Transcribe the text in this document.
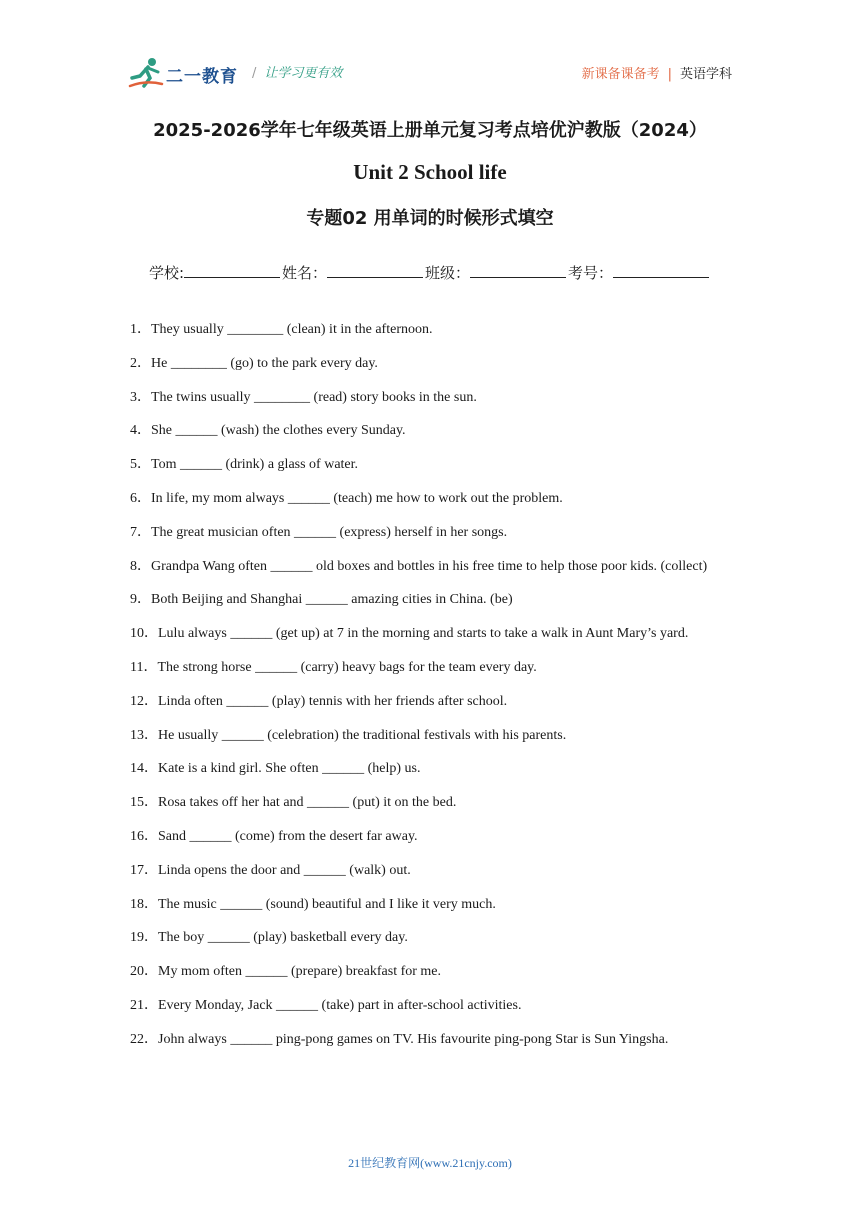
二一教育 / 让学习更有效	新课备课备考 | 英语学科
2025-2026学年七年级英语上册单元复习考点培优沪教版（2024）
Unit 2 School life
专题02 用单词的时候形式填空
学校:	姓名：	班级：	考号：
1．They usually ________ (clean) it in the afternoon.
2．He ________ (go) to the park every day.
3．The twins usually ________ (read) story books in the sun.
4．She ______ (wash) the clothes every Sunday.
5．Tom ______ (drink) a glass of water.
6．In life, my mom always ______ (teach) me how to work out the problem.
7．The great musician often ______ (express) herself in her songs.
8．Grandpa Wang often ______ old boxes and bottles in his free time to help those poor kids. (collect)
9．Both Beijing and Shanghai ______ amazing cities in China. (be)
10．Lulu always ______ (get up) at 7 in the morning and starts to take a walk in Aunt Mary’s yard.
11．The strong horse ______ (carry) heavy bags for the team every day.
12．Linda often ______ (play) tennis with her friends after school.
13．He usually ______ (celebration) the traditional festivals with his parents.
14．Kate is a kind girl. She often ______ (help) us.
15．Rosa takes off her hat and ______ (put) it on the bed.
16．Sand ______ (come) from the desert far away.
17．Linda opens the door and ______ (walk) out.
18．The music ______ (sound) beautiful and I like it very much.
19．The boy ______ (play) basketball every day.
20．My mom often ______ (prepare) breakfast for me.
21．Every Monday, Jack ______ (take) part in after-school activities.
22．John always ______ ping-pong games on TV. His favourite ping-pong Star is Sun Yingsha.
21世纪教育网(www.21cnjy.com)
